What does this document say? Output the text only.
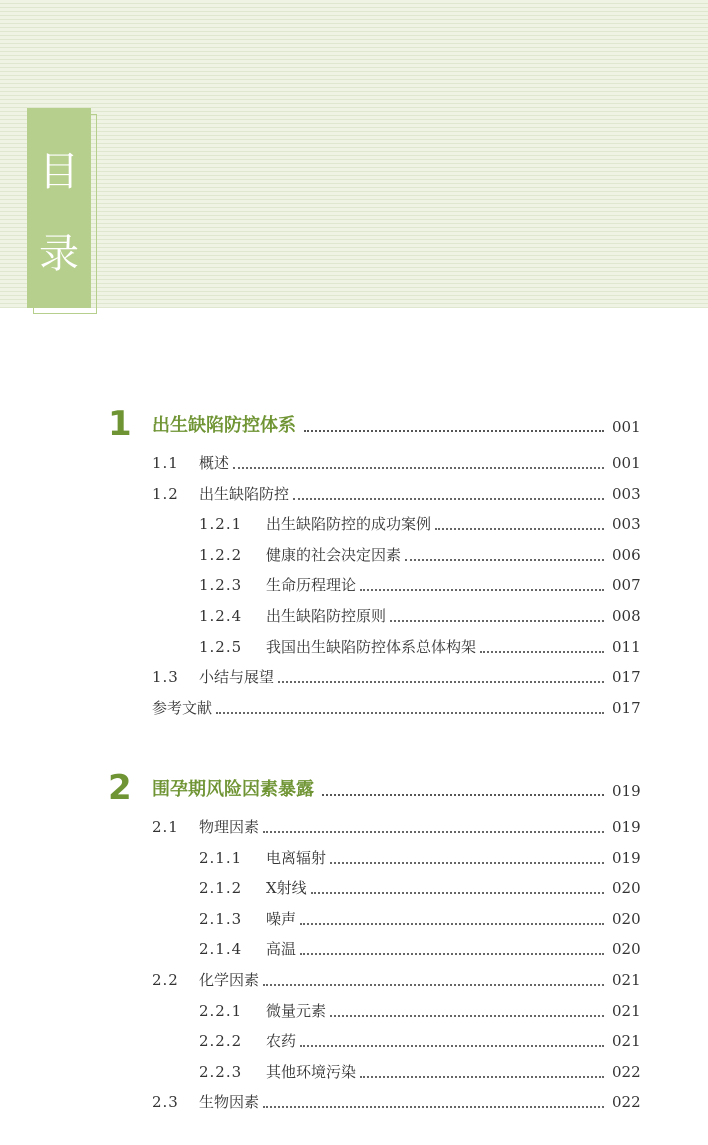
目
录
1 出生缺陷防控体系	001
1.1 概述	001
1.2 出生缺陷防控	003
1.2.1 出生缺陷防控的成功案例	003
1.2.2 健康的社会决定因素	006
1.2.3 生命历程理论	007
1.2.4 出生缺陷防控原则	008
1.2.5 我国出生缺陷防控体系总体构架	011
1.3 小结与展望	017
参考文献	017
2 围孕期风险因素暴露	019
2.1 物理因素	019
2.1.1 电离辐射	019
2.1.2 X射线	020
2.1.3 噪声	020
2.1.4 高温	020
2.2 化学因素	021
2.2.1 微量元素	021
2.2.2 农药	021
2.2.3 其他环境污染	022
2.3 生物因素	022
